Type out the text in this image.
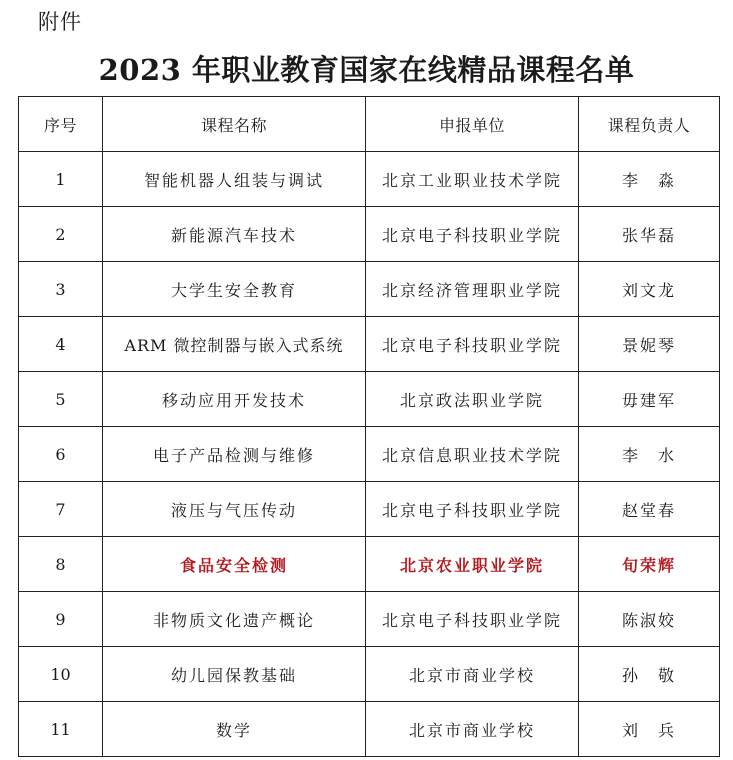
附件
2023 年职业教育国家在线精品课程名单
序号	课程名称	申报单位	课程负责人
1	智能机器人组装与调试	北京工业职业技术学院	李　淼
2	新能源汽车技术	北京电子科技职业学院	张华磊
3	大学生安全教育	北京经济管理职业学院	刘文龙
4	ARM 微控制器与嵌入式系统	北京电子科技职业学院	景妮琴
5	移动应用开发技术	北京政法职业学院	毋建军
6	电子产品检测与维修	北京信息职业技术学院	李　水
7	液压与气压传动	北京电子科技职业学院	赵堂春
8	食品安全检测	北京农业职业学院	旬荣辉
9	非物质文化遗产概论	北京电子科技职业学院	陈淑姣
10	幼儿园保教基础	北京市商业学校	孙　敬
11	数学	北京市商业学校	刘　兵
